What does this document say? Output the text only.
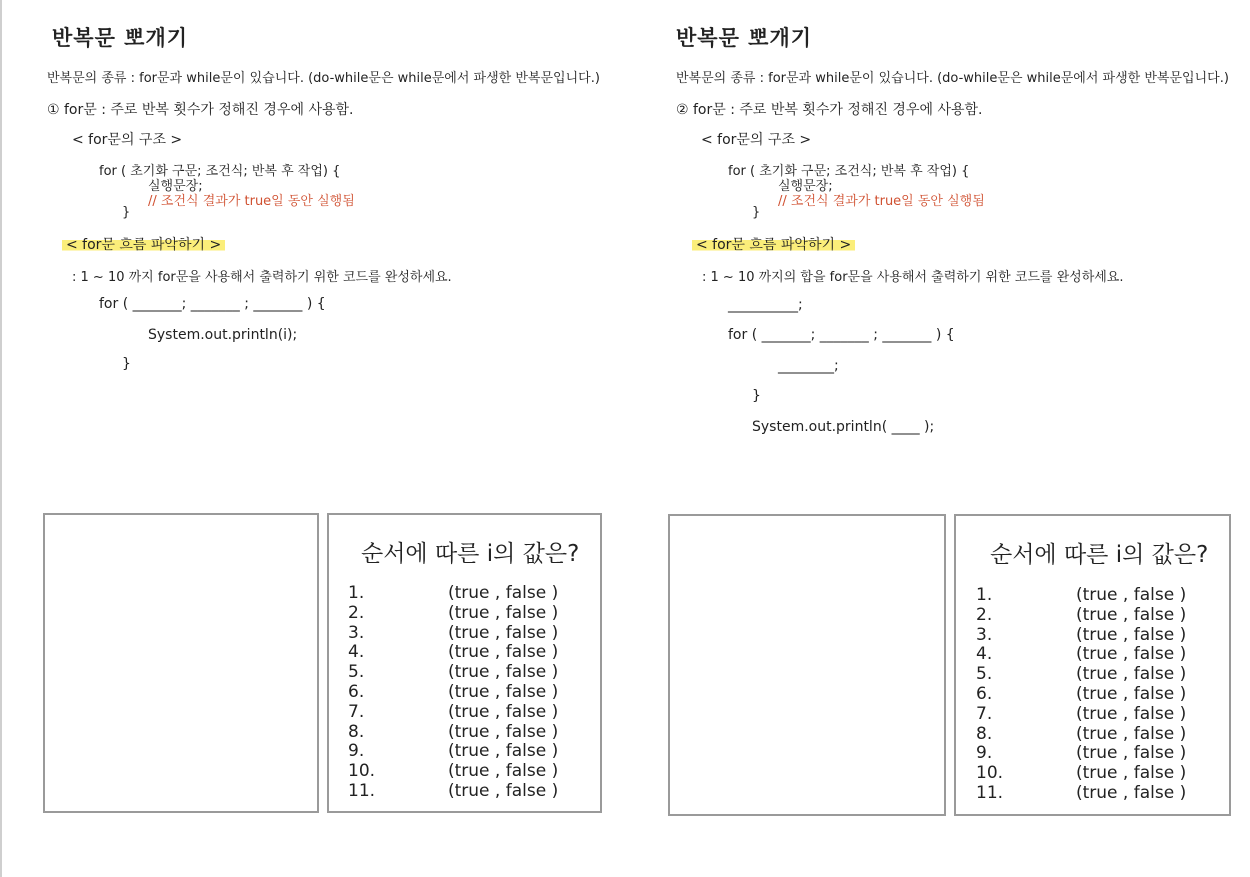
반복문 뽀개기
반복문의 종류 : for문과 while문이 있습니다. (do-while문은 while문에서 파생한 반복문입니다.)
① for문 : 주로 반복 횟수가 정해진 경우에 사용함.
< for문의 구조 >
for ( 초기화 구문; 조건식; 반복 후 작업) {
실행문장;
// 조건식 결과가 true일 동안 실행됨
}
< for문 흐름 파악하기 >
: 1 ~ 10 까지 for문을 사용해서 출력하기 위한 코드를 완성하세요.
for ( _______; _______ ; _______ ) {
System.out.println(i);
}
순서에 따른 i의 값은?
1.	(true , false )
2.	(true , false )
3.	(true , false )
4.	(true , false )
5.	(true , false )
6.	(true , false )
7.	(true , false )
8.	(true , false )
9.	(true , false )
10.	(true , false )
11.	(true , false )
반복문 뽀개기
반복문의 종류 : for문과 while문이 있습니다. (do-while문은 while문에서 파생한 반복문입니다.)
② for문 : 주로 반복 횟수가 정해진 경우에 사용함.
< for문의 구조 >
for ( 초기화 구문; 조건식; 반복 후 작업) {
실행문장;
// 조건식 결과가 true일 동안 실행됨
}
< for문 흐름 파악하기 >
: 1 ~ 10 까지의 합을 for문을 사용해서 출력하기 위한 코드를 완성하세요.
__________;
for ( _______; _______ ; _______ ) {
________;
}
System.out.println( ____ );
순서에 따른 i의 값은?
1.	(true , false )
2.	(true , false )
3.	(true , false )
4.	(true , false )
5.	(true , false )
6.	(true , false )
7.	(true , false )
8.	(true , false )
9.	(true , false )
10.	(true , false )
11.	(true , false )
